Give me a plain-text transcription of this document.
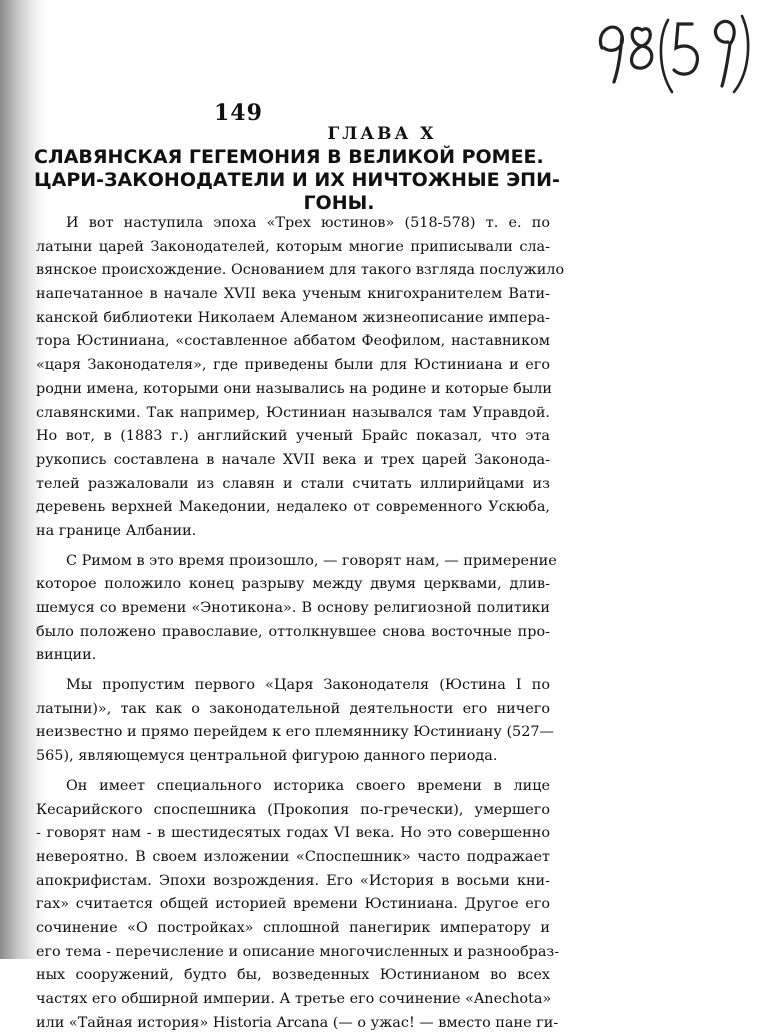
149
ГЛАВА X
СЛАВЯНСКАЯ ГЕГЕМОНИЯ В ВЕЛИКОЙ РОМЕЕ.
ЦАРИ-ЗАКОНОДАТЕЛИ И ИХ НИЧТОЖНЫЕ ЭПИ-
ГОНЫ.
И вот наступила эпоха «Трех юстинов» (518-578) т. е. по
латыни царей Законодателей, которым многие приписывали сла-
вянское происхождение. Основанием для такого взгляда послужило
напечатанное в начале XVII века ученым книгохранителем Вати-
канской библиотеки Николаем Алеманом жизнеописание импера-
тора Юстиниана, «составленное аббатом Феофилом, наставником
«царя Законодателя», где приведены были для Юстиниана и его
родни имена, которыми они назывались на родине и которые были
славянскими. Так например, Юстиниан назывался там Управдой.
Но вот, в (1883 г.) английский ученый Брайс показал, что эта
рукопись составлена в начале XVII века и трех царей Законода-
телей разжаловали из славян и стали считать иллирийцами из
деревень верхней Македонии, недалеко от современного Ускюба,
на границе Албании.
С Римом в это время произошло, — говорят нам, — примерение
которое положило конец разрыву между двумя церквами, длив-
шемуся со времени «Энотикона». В основу религиозной политики
было положено православие, оттолкнувшее снова восточные про-
винции.
Мы пропустим первого «Царя Законодателя (Юстина I по
латыни)», так как о законодательной деятельности его ничего
неизвестно и прямо перейдем к его племяннику Юстиниану (527—
565), являющемуся центральной фигурою данного периода.
Он имеет специального историка своего времени в лице
Кесарийского споспешника (Прокопия по-гречески), умершего
- говорят нам - в шестидесятых годах VI века. Но это совершенно
невероятно. В своем изложении «Споспешник» часто подражает
апокрифистам. Эпохи возрождения. Его «История в восьми кни-
гах» считается общей историей времени Юстиниана. Другое его
сочинение «О постройках» сплошной панегирик императору и
его тема - перечисление и описание многочисленных и разнообраз-
ных сооружений, будто бы, возведенных Юстинианом во всех
частях его обширной империи. А третье его сочинение «Anechota»
или «Тайная история» Historia Arcana (— о ужас! — вместо пане ги-
